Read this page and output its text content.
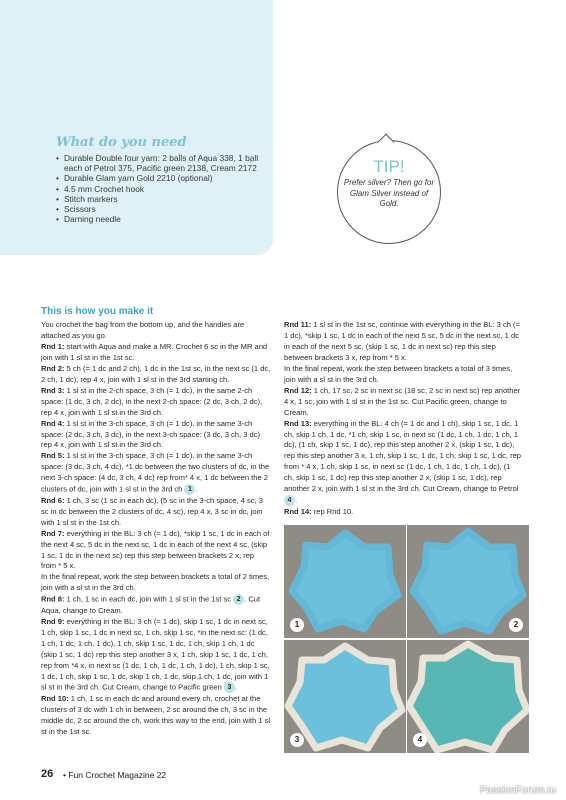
What do you need
• Durable Double four yarn: 2 balls of Aqua 338, 1 ball each of Petrol 375, Pacific green 2138, Cream 2172
• Durable Glam yarn Gold 2210 (optional)
• 4.5 mm Crochet hook
• Stitch markers
• Scissors
• Darning needle
TIP!
Prefer silver? Then go for Glam Silver instead of Gold.
This is how you make it
You crochet the bag from the bottom up, and the handles are attached as you go.
Rnd 1: start with Aqua and make a MR. Crochet 6 sc in the MR and join with 1 sl st in the 1st sc.
Rnd 2: 5 ch (= 1 dc and 2 ch), 1 dc in the 1st sc, in the next sc (1 dc, 2 ch, 1 dc), rep 4 x, join with 1 sl st in the 3rd starting ch.
Rnd 3: 1 sl st in the 2-ch space, 3 ch (= 1 dc), in the same 2-ch space: (1 dc, 3 ch, 2 dc), in the next 2-ch space: (2 dc, 3 ch, 2 dc), rep 4 x, join with 1 sl st in the 3rd ch.
Rnd 4: 1 sl st in the 3-ch space, 3 ch (= 1 dc), in the same 3-ch space: (2 dc, 3 ch, 3 dc), in the next 3-ch space: (3 dc, 3 ch, 3 dc) rep 4 x, join with 1 sl st in the 3rd ch.
Rnd 5: 1 sl st in the 3-ch space, 3 ch (= 1 dc), in the same 3-ch space: (3 dc, 3 ch, 4 dc), *1 dc between the two clusters of dc, in the next 3-ch space: (4 dc, 3 ch, 4 dc) rep from* 4 x, 1 dc between the 2 clusters of dc, join with 1 sl st in the 3rd ch 1 .
Rnd 6: 1 ch, 3 sc (1 sc in each dc), (5 sc in the 3-ch space, 4 sc, 3 sc in dc between the 2 clusters of dc, 4 sc), rep 4 x, 3 sc in dc, join with 1 sl st in the 1st ch.
Rnd 7: everything in the BL: 3 ch (= 1 dc), *skip 1 sc, 1 dc in each of the next 4 sc, 5 dc in the next sc, 1 dc in each of the next 4 sc, (skip 1 sc, 1 dc in the next sc) rep this step between brackets 2 x, rep from * 5 x.
In the final repeat, work the step between brackets a total of 2 times, join with a sl st in the 3rd ch.
Rnd 8: 1 ch, 1 sc in each dc, join with 1 sl st in the 1st sc 2 . Cut Aqua, change to Cream.
Rnd 9: everything in the BL: 3 ch (= 1 dc), skip 1 sc, 1 dc in next sc, 1 ch, skip 1 sc, 1 dc in next sc, 1 ch, skip 1 sc, *in the next sc: (1 dc, 1 ch, 1 dc, 1 ch, 1 dc), 1 ch, skip 1 sc, 1 dc, 1 ch, skip 1 ch, 1 dc (skip 1 sc, 1 dc) rep this step another 3 x, 1 ch, skip 1 sc, 1 dc, 1 ch, rep from *4 x, in next sc (1 dc, 1 ch, 1 dc, 1 ch, 1 dc), 1 ch, skip 1 sc, 1 dc, 1 ch, skip 1 sc, 1 dc, skip 1 ch, 1 dc, skip 1 ch, 1 dc, join with 1 sl st in the 3rd ch. Cut Cream, change to Pacific green 3 .
Rnd 10: 1 ch, 1 sc in each dc and around every ch, crochet at the clusters of 3 dc with 1 ch in between, 2 sc around the ch, 3 sc in the middle dc, 2 sc around the ch, work this way to the end, join with 1 sl st in the 1st sc.
Rnd 11: 1 sl st in the 1st sc, continue with everything in the BL: 3 ch (= 1 dc), *skip 1 sc, 1 dc in each of the next 5 sc, 5 dc in the next sc, 1 dc in each of the next 5 sc, (skip 1 sc, 1 dc in next sc) rep this step between brackets 3 x, rep from * 5 x.
In the final repeat, work the step between brackets a total of 3 times, join with a sl st in the 3rd ch.
Rnd 12: 1 ch, 17 sc, 2 sc in next sc (18 sc, 2 sc in next sc) rep another 4 x, 1 sc, join with 1 sl st in the 1st sc. Cut Pacific green, change to Cream.
Rnd 13: everything in the BL: 4 ch (= 1 dc and 1 ch), skip 1 sc, 1 dc, 1 ch, skip 1 ch, 1 dc, *1 ch, skip 1 sc, in next sc (1 dc, 1 ch, 1 dc, 1 ch, 1 dc), (1 ch, skip 1 sc, 1 dc), rep this step another 2 x, (skip 1 sc, 1 dc), rep this step another 3 x, 1 ch, skip 1 sc, 1 dc, 1 ch, skip 1 sc, 1 dc, rep from * 4 x, 1 ch, skip 1 sc, in next sc (1 dc, 1 ch, 1 dc, 1 ch, 1 dc), (1 ch, skip 1 sc, 1 dc) rep this step another 2 x, (skip 1 sc, 1 dc), rep another 2 x, join with 1 sl st in the 3rd ch. Cut Cream, change to Petrol 4 .
Rnd 14: rep Rnd 10.
1	2
3	4
26 • Fun Crochet Magazine 22
PassionForum.ru
